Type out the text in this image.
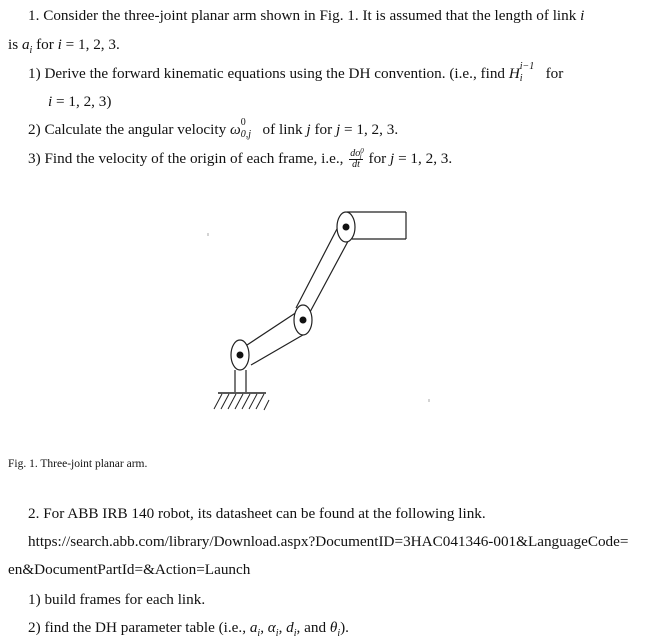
1. Consider the three-joint planar arm shown in Fig. 1. It is assumed that the length of link i
is $a_i$ for i = 1, 2, 3.
1) Derive the forward kinematic equations using the DH convention. (i.e., find H i−1
i for
i = 1, 2, 3)
2) Calculate the angular velocity ω 0
0,j of link j for j = 1, 2, 3.
3) Find the velocity of the origin of each frame, i.e., $\frac{do^0_j}{dt}$ for j = 1, 2, 3.
Fig. 1. Three-joint planar arm.
2. For ABB IRB 140 robot, its datasheet can be found at the following link.
https://search.abb.com/library/Download.aspx?DocumentID=3HAC041346-001&LanguageCode=
en&DocumentPartId=&Action=Launch
1) build frames for each link.
2) find the DH parameter table (i.e., $a_i$, $\alpha_i$, $d_i$, and $\theta_i$).
